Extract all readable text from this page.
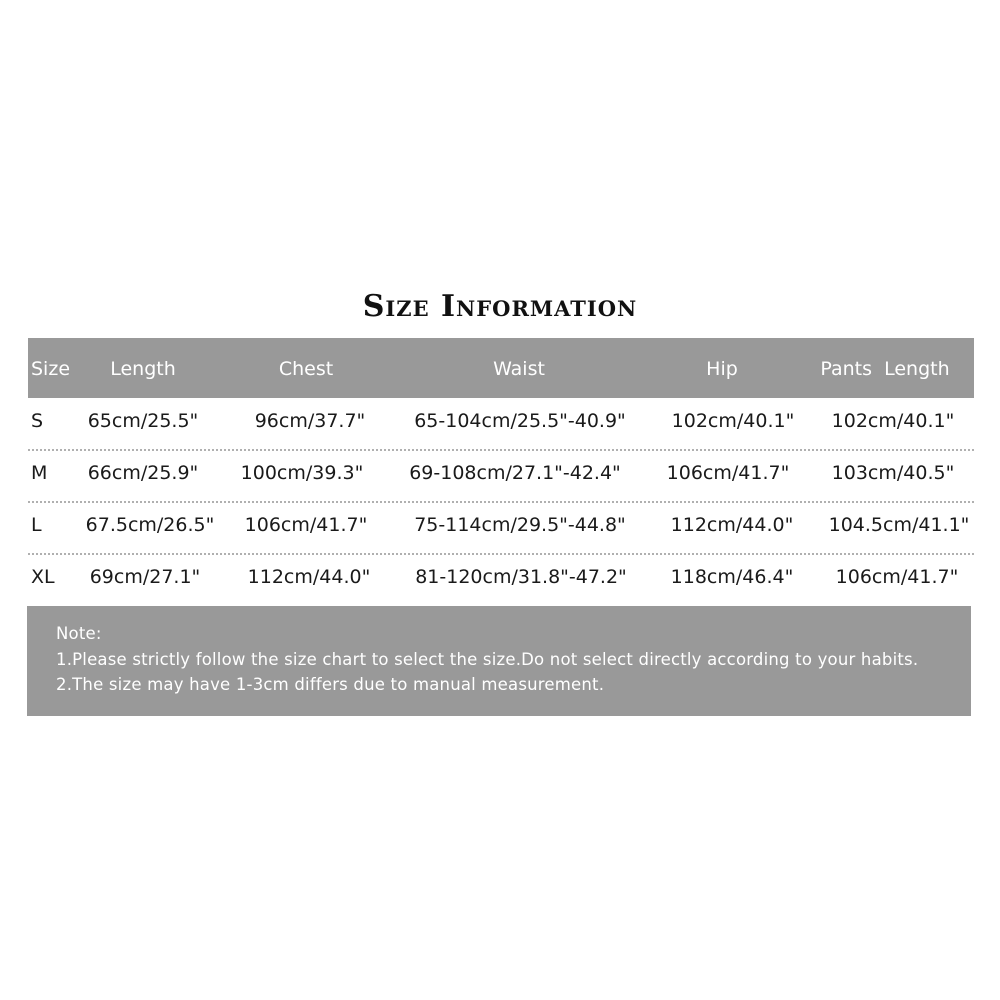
Size Information
Size Length	Chest	Waist	Hip	Pants  Length
S 65cm/25.5"	96cm/37.7"	65-104cm/25.5"-40.9" 102cm/40.1" 102cm/40.1"
M 66cm/25.9" 100cm/39.3" 69-108cm/27.1"-42.4" 106cm/41.7" 103cm/40.5"
L 67.5cm/26.5" 106cm/41.7" 75-114cm/29.5"-44.8" 112cm/44.0" 104.5cm/41.1"
XL 69cm/27.1" 112cm/44.0" 81-120cm/31.8"-47.2" 118cm/46.4" 106cm/41.7"
Note:
1.Please strictly follow the size chart to select the size.Do not select directly according to your habits.
2.The size may have 1-3cm differs due to manual measurement.
